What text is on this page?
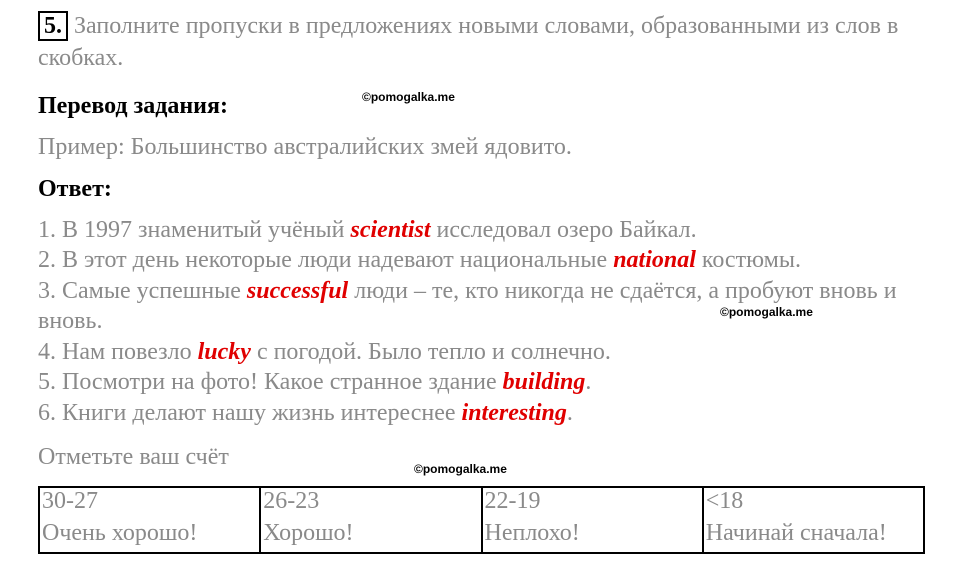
5. Заполните пропуски в предложениях новыми словами, образованными из слов в скобках.

Перевод задания:

Пример: Большинство австралийских змей ядовито.

Ответ:

1. В 1997 знаменитый учёный scientist исследовал озеро Байкал.

2. В этот день некоторые люди надевают национальные national костюмы.

3. Самые успешные successful люди – те, кто никогда не сдаётся, а пробуют вновь и вновь.

4. Нам повезло lucky с погодой. Было тепло и солнечно.

5. Посмотри на фото! Какое странное здание building.

6. Книги делают нашу жизнь интереснее interesting.

Отметьте ваш счёт

©pomogalka.me
©pomogalka.me
©pomogalka.me
30-27	26-23	22-19	<18
Очень хорошо!	Хорошо!	Неплохо!	Начинай сначала!
